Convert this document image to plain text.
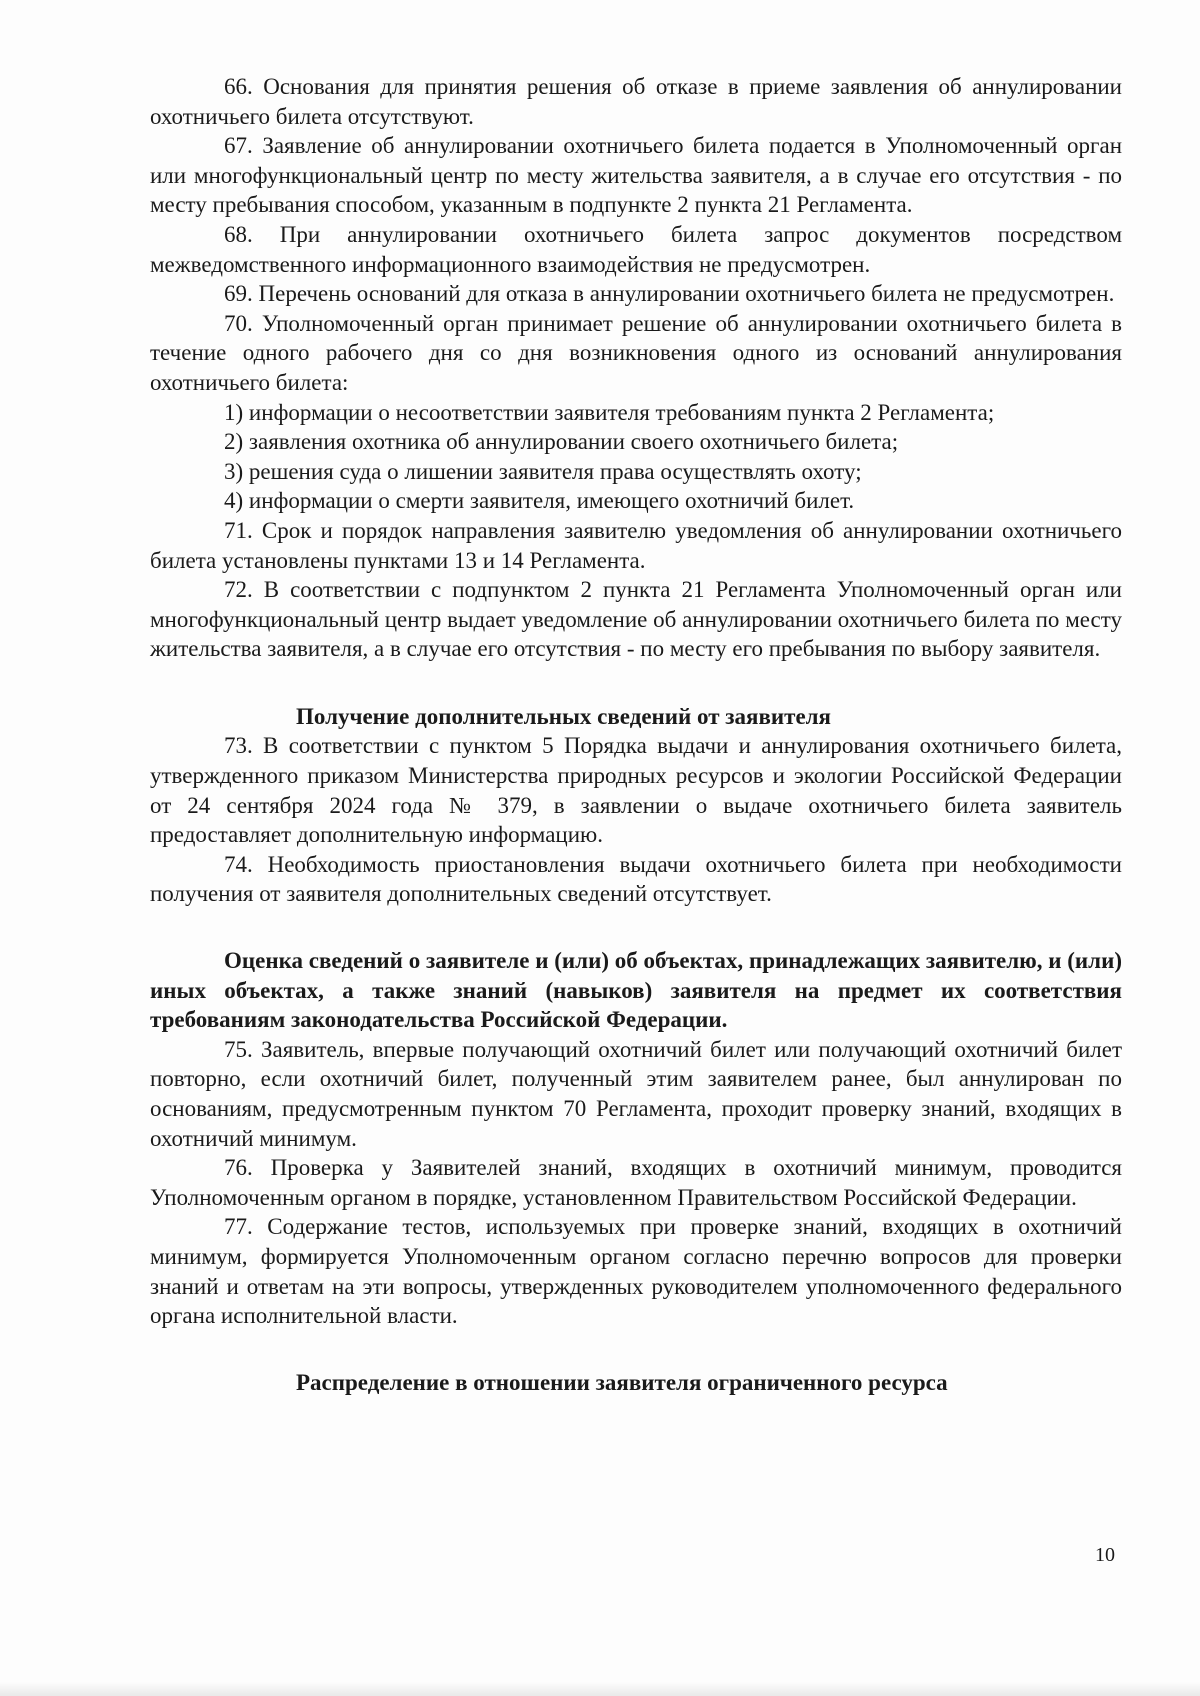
66. Основания для принятия решения об отказе в приеме заявления об аннулировании охотничьего билета отсутствуют.

67. Заявление об аннулировании охотничьего билета подается в Уполномоченный орган или многофункциональный центр по месту жительства заявителя, а в случае его отсутствия - по месту пребывания способом, указанным в подпункте 2 пункта 21 Регламента.

68. При аннулировании охотничьего билета запрос документов посредством межведомственного информационного взаимодействия не предусмотрен.

69. Перечень оснований для отказа в аннулировании охотничьего билета не предусмотрен.

70. Уполномоченный орган принимает решение об аннулировании охотничьего билета в течение одного рабочего дня со дня возникновения одного из оснований аннулирования охотничьего билета:

1) информации о несоответствии заявителя требованиям пункта 2 Регламента;

2) заявления охотника об аннулировании своего охотничьего билета;

3) решения суда о лишении заявителя права осуществлять охоту;

4) информации о смерти заявителя, имеющего охотничий билет.

71. Срок и порядок направления заявителю уведомления об аннулировании охотничьего билета установлены пунктами 13 и 14 Регламента.

72. В соответствии с подпунктом 2 пункта 21 Регламента Уполномоченный орган или многофункциональный центр выдает уведомление об аннулировании охотничьего билета по месту жительства заявителя, а в случае его отсутствия - по месту его пребывания по выбору заявителя.

Получение дополнительных сведений от заявителя

73. В соответствии с пунктом 5 Порядка выдачи и аннулирования охотничьего билета, утвержденного приказом Министерства природных ресурсов и экологии Российской Федерации от 24 сентября 2024 года № 379, в заявлении о выдаче охотничьего билета заявитель предоставляет дополнительную информацию.

74. Необходимость приостановления выдачи охотничьего билета при необходимости получения от заявителя дополнительных сведений отсутствует.

Оценка сведений о заявителе и (или) об объектах, принадлежащих заявителю, и (или) иных объектах, а также знаний (навыков) заявителя на предмет их соответствия требованиям законодательства Российской Федерации.

75. Заявитель, впервые получающий охотничий билет или получающий охотничий билет повторно, если охотничий билет, полученный этим заявителем ранее, был аннулирован по основаниям, предусмотренным пунктом 70 Регламента, проходит проверку знаний, входящих в охотничий минимум.

76. Проверка у Заявителей знаний, входящих в охотничий минимум, проводится Уполномоченным органом в порядке, установленном Правительством Российской Федерации.

77. Содержание тестов, используемых при проверке знаний, входящих в охотничий минимум, формируется Уполномоченным органом согласно перечню вопросов для проверки знаний и ответам на эти вопросы, утвержденных руководителем уполномоченного федерального органа исполнительной власти.

Распределение в отношении заявителя ограниченного ресурса

10
